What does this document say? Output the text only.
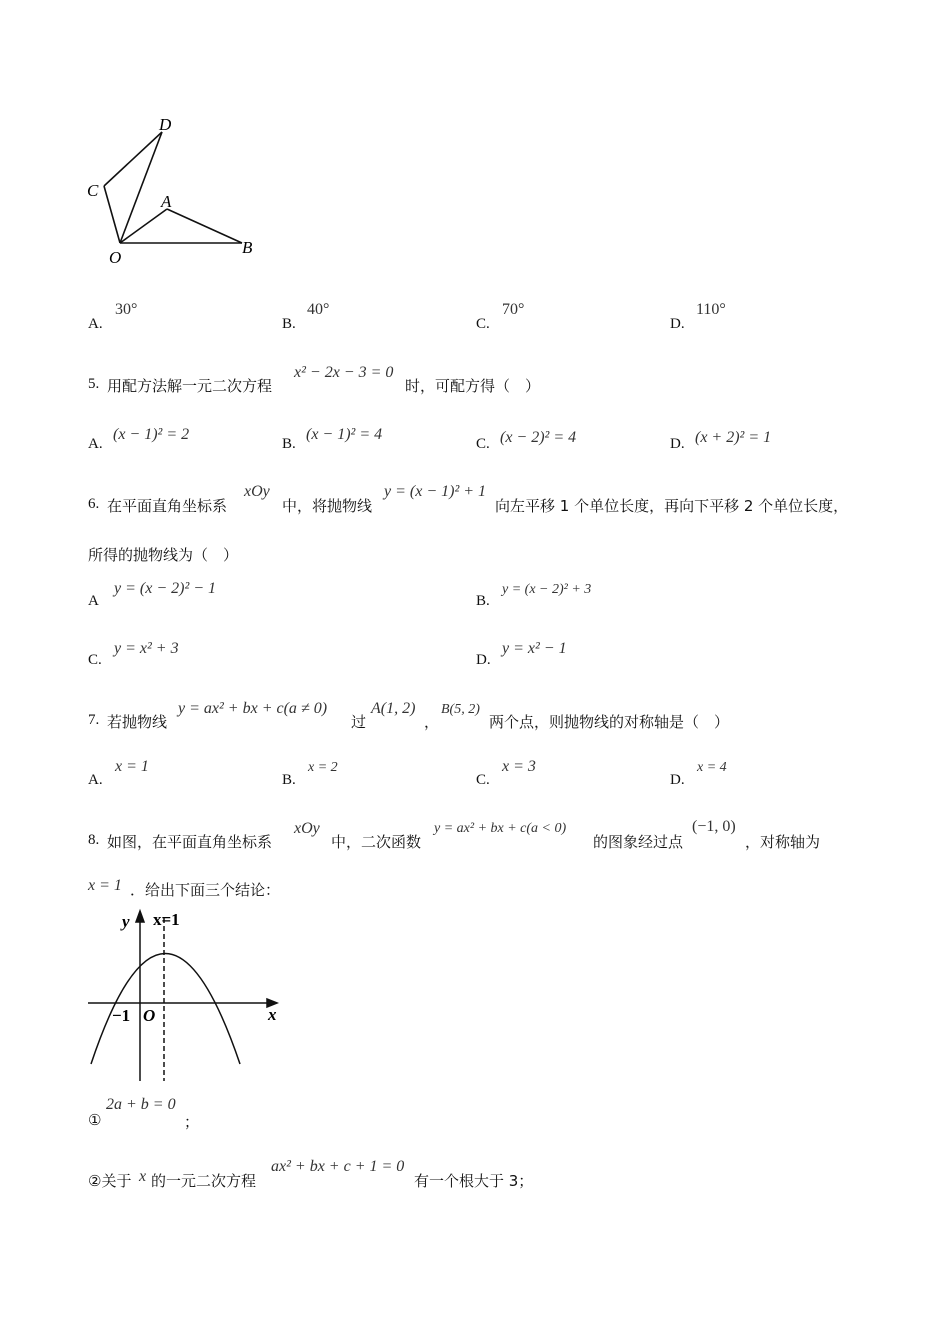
D
C
A
B
O
A.
30°
B.
40°
C.
70°
D.
110°
5. 用配方法解一元二次方程
x² − 2x − 3 = 0
时，可配方得（　）
A.
(x − 1)² = 2
B.
(x − 1)² = 4
C. (x − 2)² = 4	D. (x + 2)² = 1
6. 在平面直角坐标系
xOy
中，将抛物线
y = (x − 1)² + 1
向左平移 1 个单位长度，再向下平移 2 个单位长度，
所得的抛物线为（　）
A
y = (x − 2)² − 1
B.
y = (x − 2)² + 3
C.
y = x² + 3
D.
y = x² − 1
7. 若抛物线
y = ax² + bx + c(a ≠ 0)
过
A(1, 2)
，
B(5, 2)
两个点，则抛物线的对称轴是（　）
A.
x = 1
B.
x = 2
C.
x = 3
D.
x = 4
8. 如图，在平面直角坐标系
xOy
中，二次函数
y = ax² + bx + c(a < 0)
的图象经过点
(−1, 0)
，对称轴为
x = 1 ．给出下面三个结论：
y x=1
x
−1 O
①
2a + b = 0
；
②关于 x 的一元二次方程
ax² + bx + c + 1 = 0
有一个根大于 3；
